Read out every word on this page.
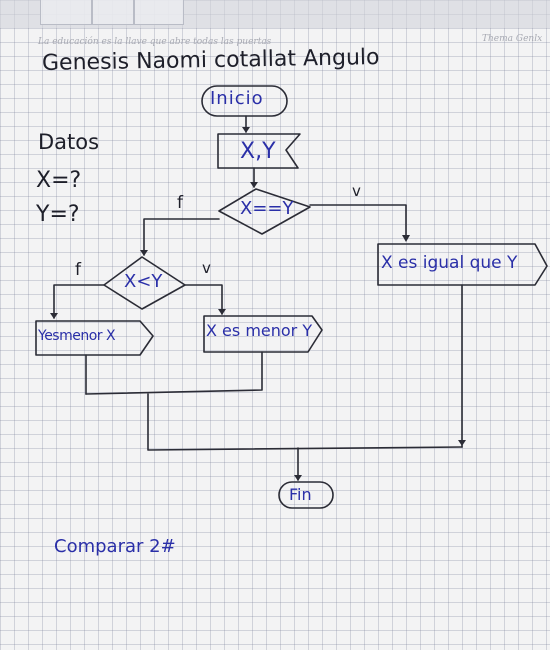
La educación es la llave que abre todas las puertas	Thema Genlx
Genesis Naomi cotallat Angulo
Datos
X=?
Y=?
Inicio
X,Y
X==Y
f
v
X<Y
f	v	X es igual que Y
X es menor Y
Yesmenor X
Fin
Comparar 2#
